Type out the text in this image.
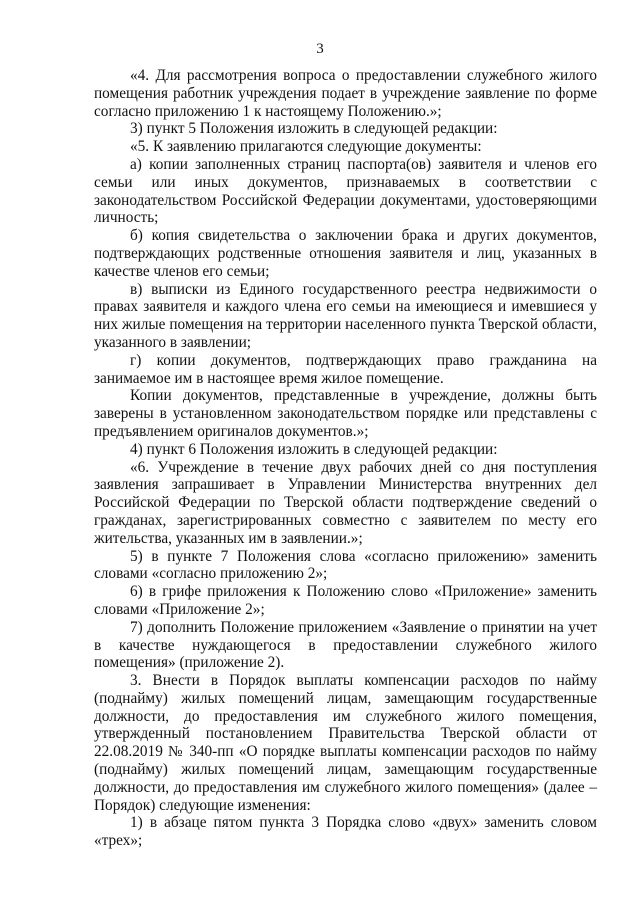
3

«4. Для рассмотрения вопроса о предоставлении служебного жилого помещения работник учреждения подает в учреждение заявление по форме согласно приложению 1 к настоящему Положению.»;

3) пункт 5 Положения изложить в следующей редакции:

«5. К заявлению прилагаются следующие документы:

а) копии заполненных страниц паспорта(ов) заявителя и членов его семьи или иных документов, признаваемых в соответствии с законодательством Российской Федерации документами, удостоверяющими личность;

б) копия свидетельства о заключении брака и других документов, подтверждающих родственные отношения заявителя и лиц, указанных в качестве членов его семьи;

в) выписки из Единого государственного реестра недвижимости о правах заявителя и каждого члена его семьи на имеющиеся и имевшиеся у них жилые помещения на территории населенного пункта Тверской области, указанного в заявлении;

г) копии документов, подтверждающих право гражданина на занимаемое им в настоящее время жилое помещение.

Копии документов, представленные в учреждение, должны быть заверены в установленном законодательством порядке или представлены с предъявлением оригиналов документов.»;

4) пункт 6 Положения изложить в следующей редакции:

«6. Учреждение в течение двух рабочих дней со дня поступления заявления запрашивает в Управлении Министерства внутренних дел Российской Федерации по Тверской области подтверждение сведений о гражданах, зарегистрированных совместно с заявителем по месту его жительства, указанных им в заявлении.»;

5) в пункте 7 Положения слова «согласно приложению» заменить словами «согласно приложению 2»;

6) в грифе приложения к Положению слово «Приложение» заменить словами «Приложение 2»;

7) дополнить Положение приложением «Заявление о принятии на учет в качестве нуждающегося в предоставлении служебного жилого помещения» (приложение 2).

3. Внести в Порядок выплаты компенсации расходов по найму (поднайму) жилых помещений лицам, замещающим государственные должности, до предоставления им служебного жилого помещения, утвержденный постановлением Правительства Тверской области от 22.08.2019 № 340-пп «О порядке выплаты компенсации расходов по найму (поднайму) жилых помещений лицам, замещающим государственные должности, до предоставления им служебного жилого помещения» (далее – Порядок) следующие изменения:

1) в абзаце пятом пункта 3 Порядка слово «двух» заменить словом «трех»;
